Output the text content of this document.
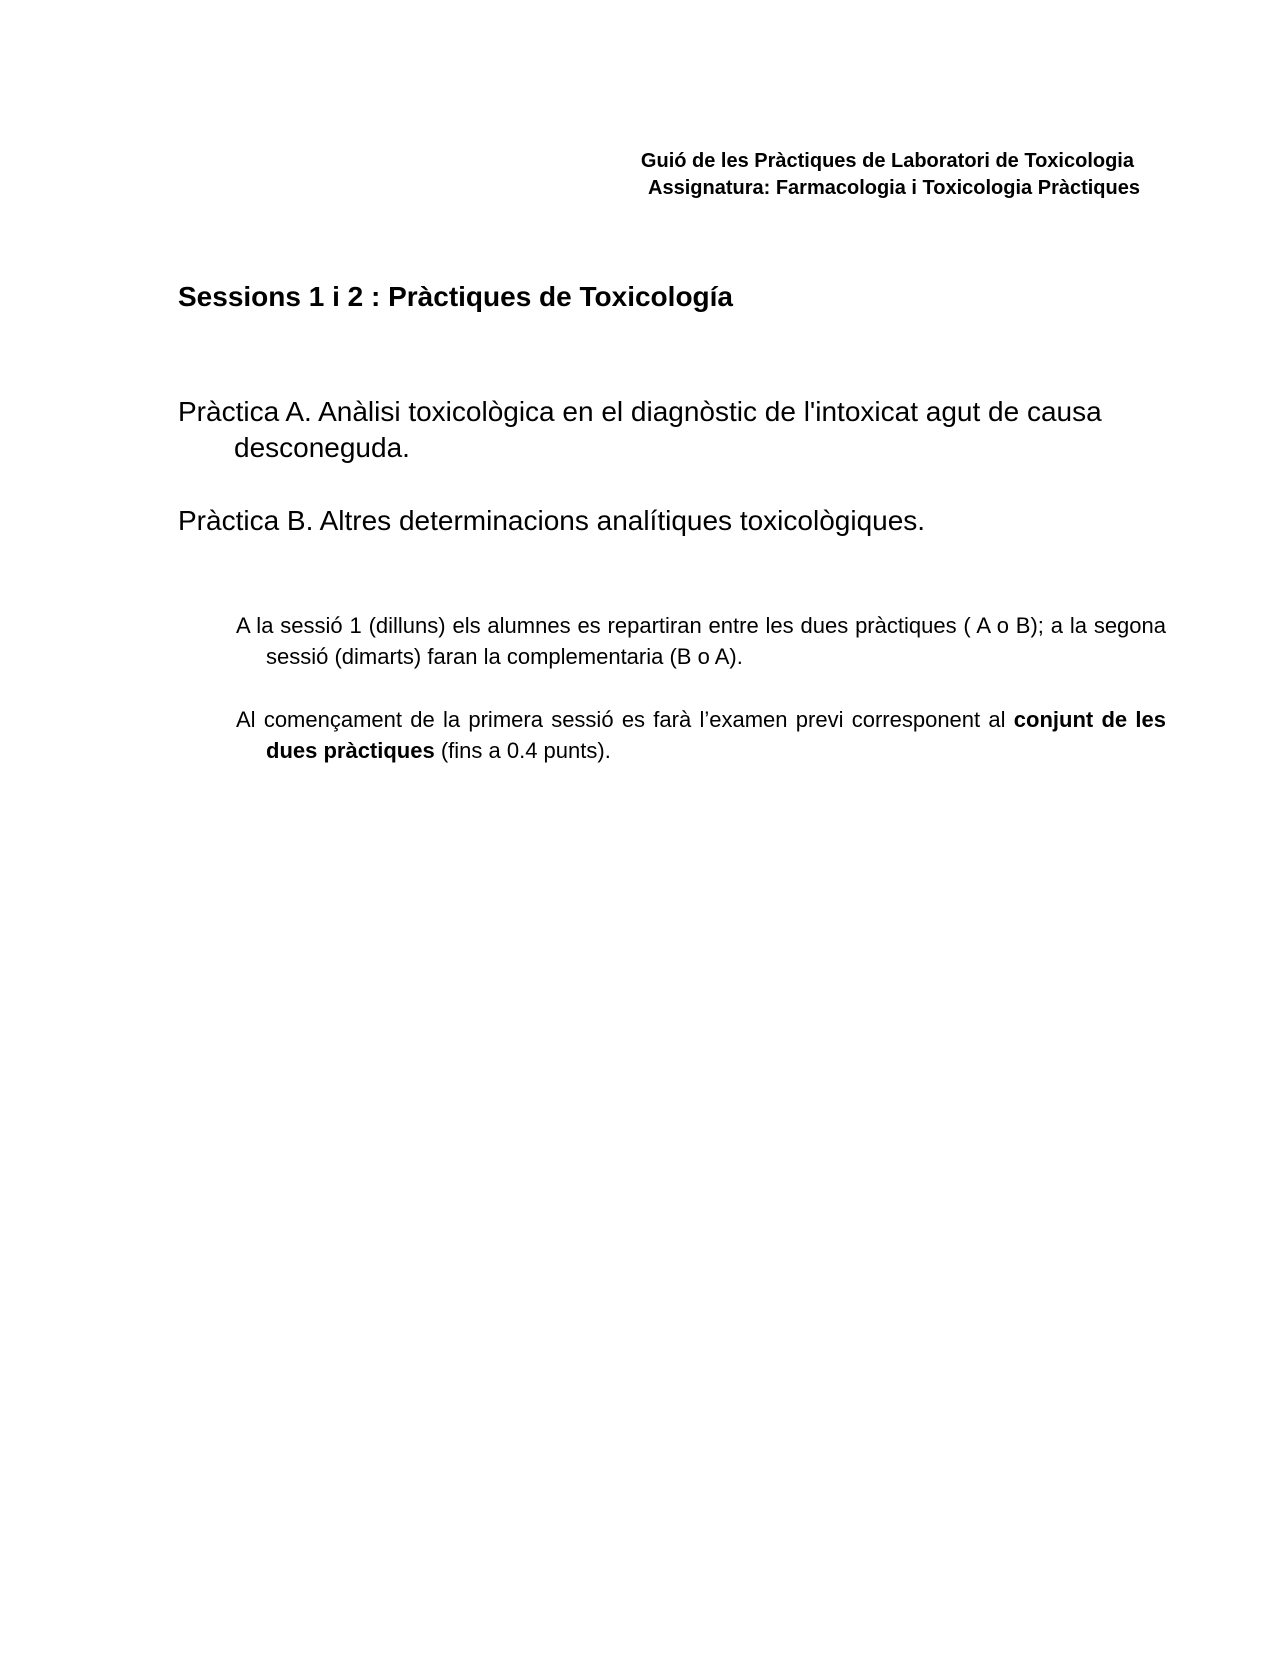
Guió de les Pràctiques de Laboratori de Toxicologia
Assignatura: Farmacologia i Toxicologia Pràctiques
Sessions 1 i 2 : Pràctiques de Toxicología

Pràctica A. Anàlisi toxicològica en el diagnòstic de l'intoxicat agut de causa desconeguda.

Pràctica B. Altres determinacions analítiques toxicològiques.

A la sessió 1 (dilluns) els alumnes es repartiran entre les dues pràctiques ( A o B); a la segona sessió (dimarts) faran la complementaria (B o A).

Al començament de la primera sessió es farà l’examen previ corresponent al conjunt de les dues pràctiques (fins a 0.4 punts).
